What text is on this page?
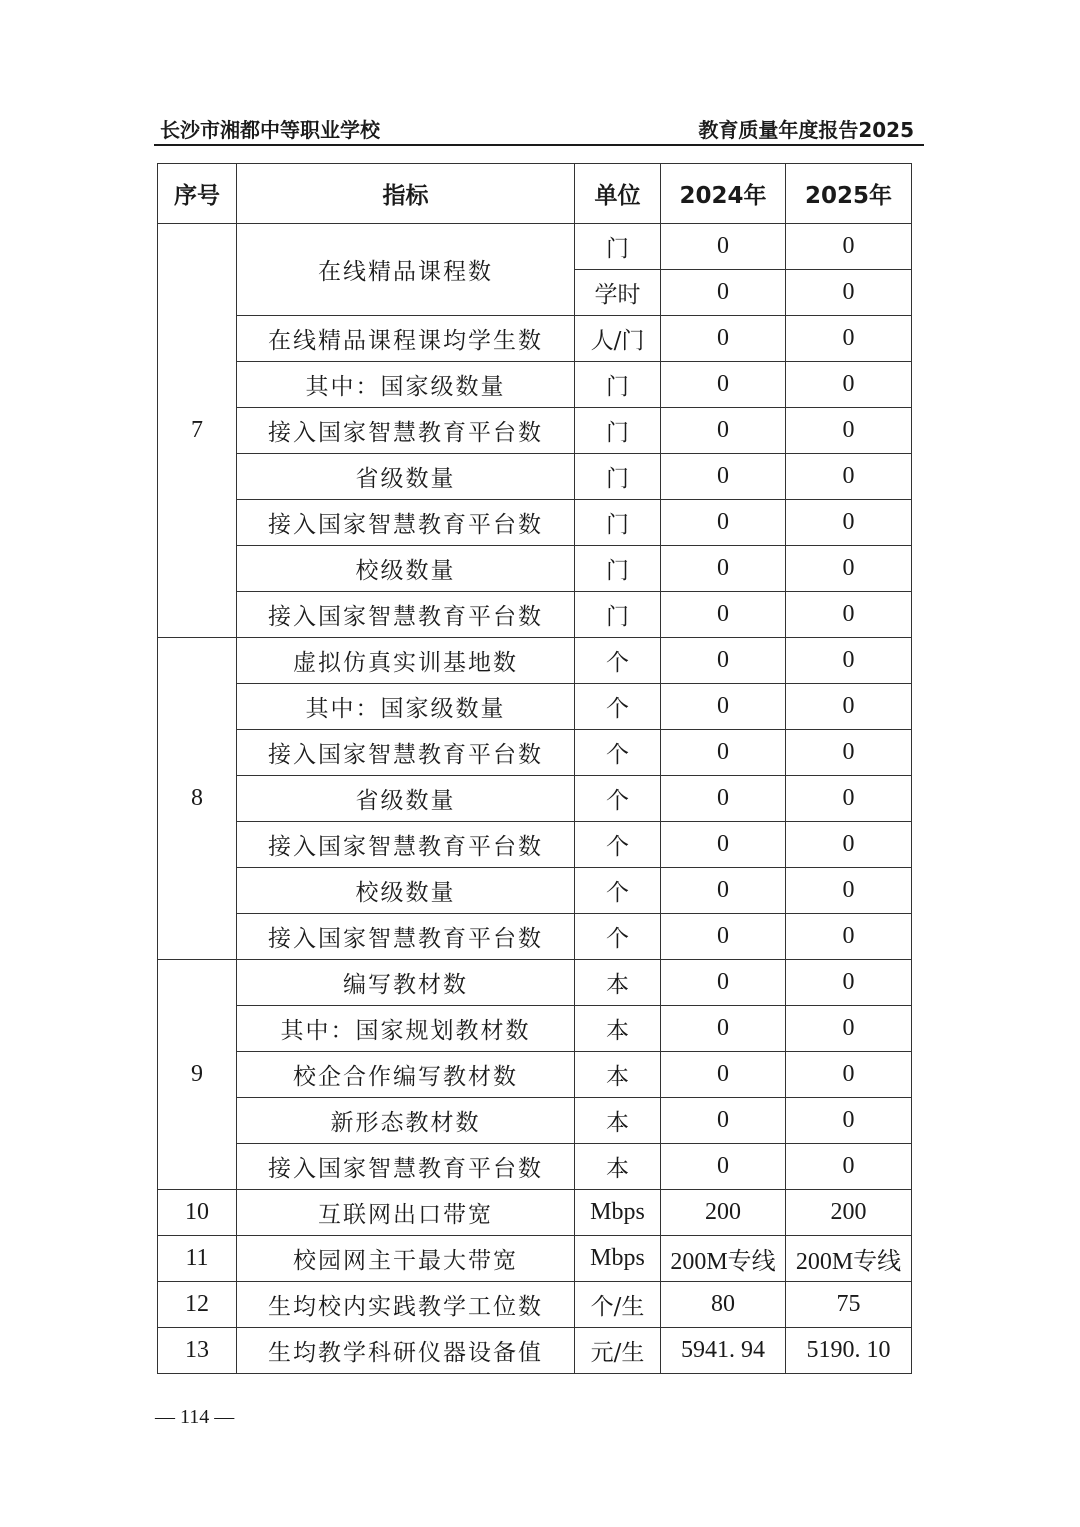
长沙市湘都中等职业学校	教育质量年度报告2025
序号	指标	单位	2024年	2025年
7	在线精品课程数	门	0	0
		学时	0	0
	在线精品课程课均学生数	人/门	0	0
	其中：国家级数量	门	0	0
	接入国家智慧教育平台数	门	0	0
	省级数量	门	0	0
	接入国家智慧教育平台数	门	0	0
	校级数量	门	0	0
	接入国家智慧教育平台数	门	0	0
8	虚拟仿真实训基地数	个	0	0
	其中：国家级数量	个	0	0
	接入国家智慧教育平台数	个	0	0
	省级数量	个	0	0
	接入国家智慧教育平台数	个	0	0
	校级数量	个	0	0
	接入国家智慧教育平台数	个	0	0
9	编写教材数	本	0	0
	其中：国家规划教材数	本	0	0
	校企合作编写教材数	本	0	0
	新形态教材数	本	0	0
	接入国家智慧教育平台数	本	0	0
10	互联网出口带宽	Mbps	200	200
11	校园网主干最大带宽	Mbps	200M专线	200M专线
12	生均校内实践教学工位数	个/生	80	75
13	生均教学科研仪器设备值	元/生	5941. 94	5190. 10
— 114 —
